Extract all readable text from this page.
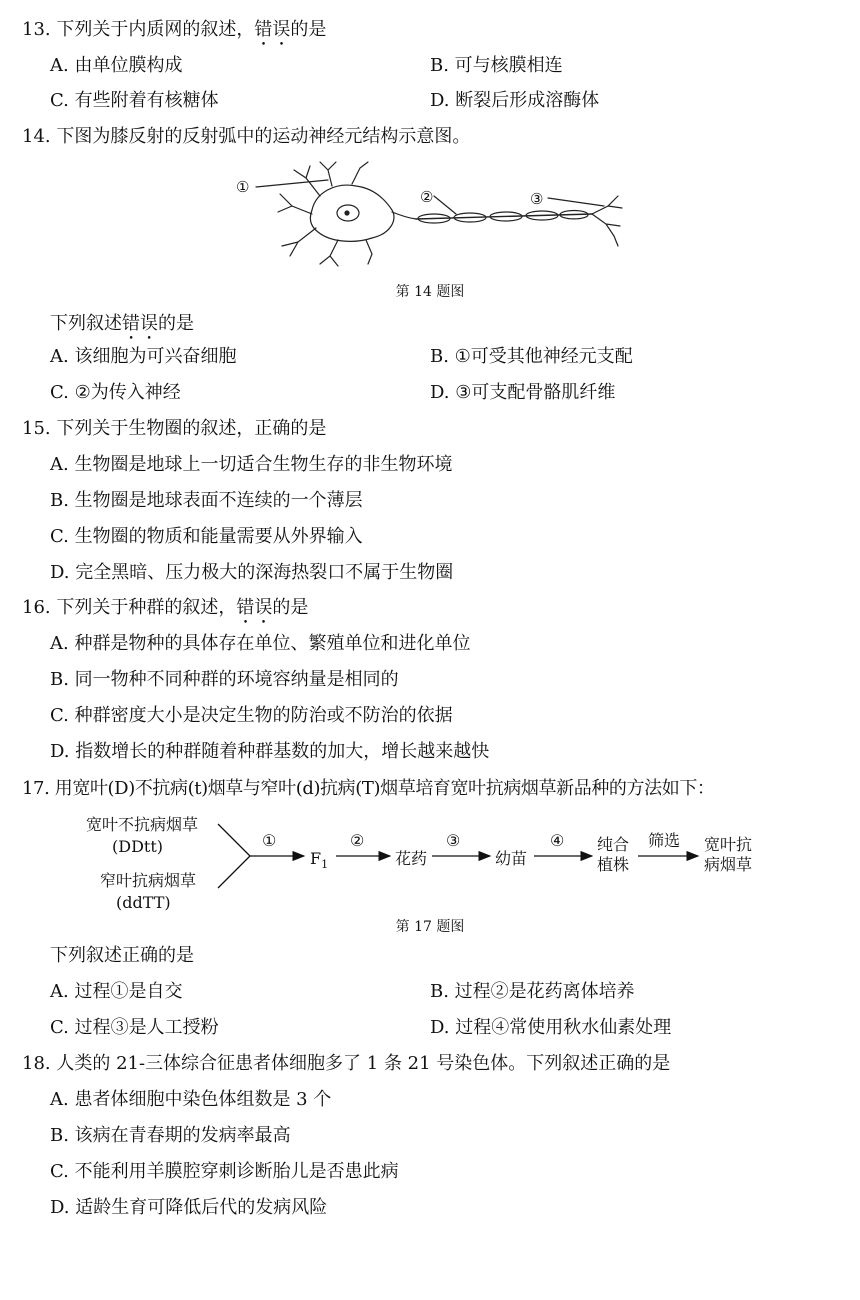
13. 下列关于内质网的叙述，错误的是
A. 由单位膜构成	B. 可与核膜相连
C. 有些附着有核糖体	D. 断裂后形成溶酶体
14. 下图为膝反射的反射弧中的运动神经元结构示意图。
①
②	③
第 14 题图
下列叙述错误的是
A. 该细胞为可兴奋细胞	B. ①可受其他神经元支配
C. ②为传入神经	D. ③可支配骨骼肌纤维
15. 下列关于生物圈的叙述，正确的是
A. 生物圈是地球上一切适合生物生存的非生物环境
B. 生物圈是地球表面不连续的一个薄层
C. 生物圈的物质和能量需要从外界输入
D. 完全黑暗、压力极大的深海热裂口不属于生物圈
16. 下列关于种群的叙述，错误的是
A. 种群是物种的具体存在单位、繁殖单位和进化单位
B. 同一物种不同种群的环境容纳量是相同的
C. 种群密度大小是决定生物的防治或不防治的依据
D. 指数增长的种群随着种群基数的加大，增长越来越快
17. 用宽叶(D)不抗病(t)烟草与窄叶(d)抗病(T)烟草培育宽叶抗病烟草新品种的方法如下：
宽叶不抗病烟草
(DDtt)
窄叶抗病烟草
(ddTT)
①
$F_1$
②
花药
③
幼苗
④ 纯合
植株
筛选 宽叶抗
病烟草
第 17 题图
下列叙述正确的是
A. 过程①是自交	B. 过程②是花药离体培养
C. 过程③是人工授粉	D. 过程④常使用秋水仙素处理
18. 人类的 21-三体综合征患者体细胞多了 1 条 21 号染色体。下列叙述正确的是
A. 患者体细胞中染色体组数是 3 个
B. 该病在青春期的发病率最高
C. 不能利用羊膜腔穿刺诊断胎儿是否患此病
D. 适龄生育可降低后代的发病风险
